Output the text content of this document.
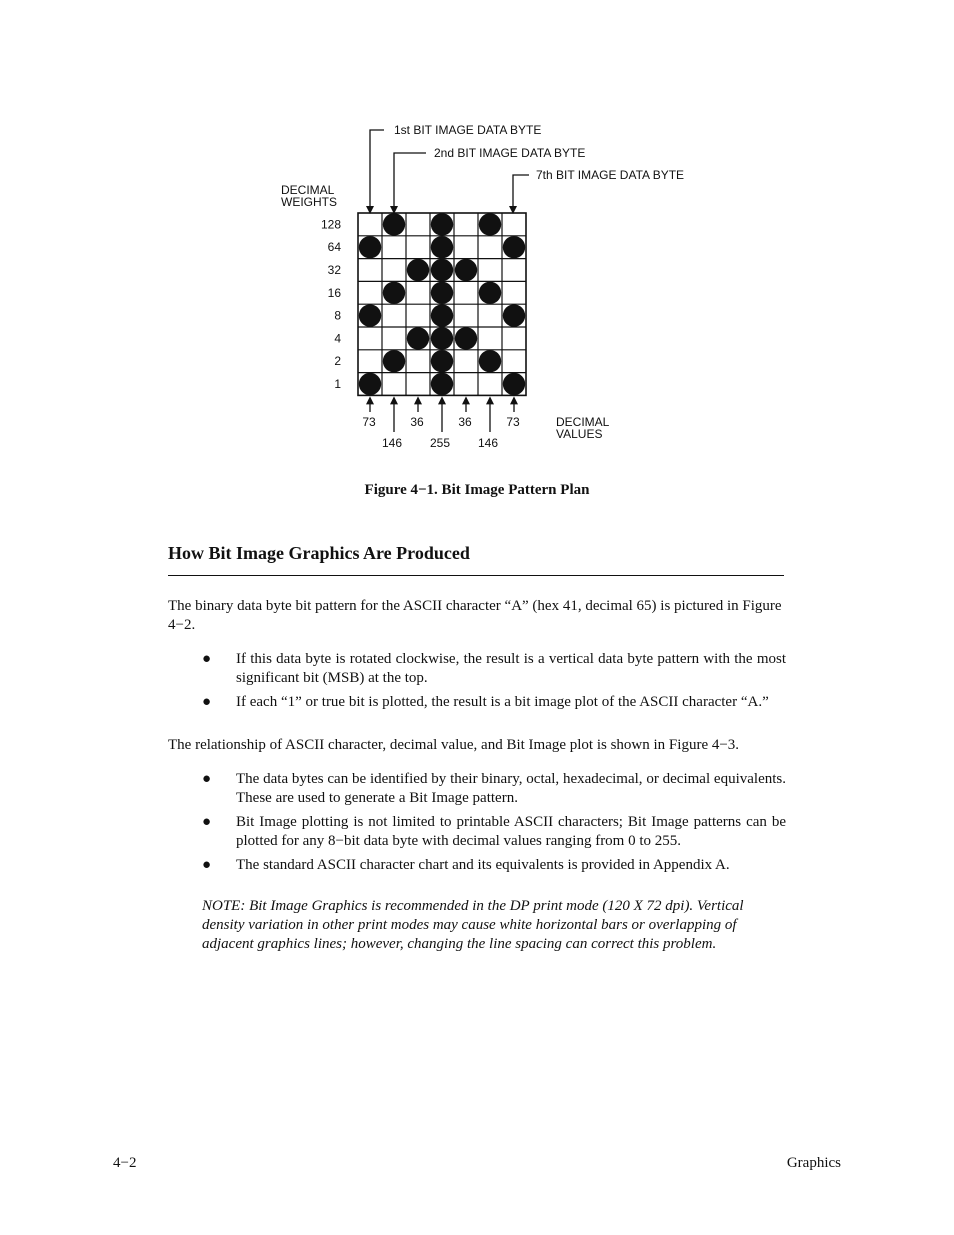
1st BIT IMAGE DATA BYTE
2nd BIT IMAGE DATA BYTE
7th BIT IMAGE DATA BYTE
DECIMAL
WEIGHTS
128
64
32
16
8
4
2
1
73
146
36
255
36
146
73	DECIMAL
VALUES
Figure 4−1. Bit Image Pattern Plan
How Bit Image Graphics Are Produced
The binary data byte bit pattern for the ASCII character “A” (hex 41, decimal 65) is pictured in Figure 4−2.
● If this data byte is rotated clockwise, the result is a vertical data byte pattern with the most significant bit (MSB) at the top.
● If each “1” or true bit is plotted, the result is a bit image plot of the ASCII character “A.”
The relationship of ASCII character, decimal value, and Bit Image plot is shown in Figure 4−3.
● The data bytes can be identified by their binary, octal, hexadecimal, or decimal equivalents. These are used to generate a Bit Image pattern.
● Bit Image plotting is not limited to printable ASCII characters; Bit Image patterns can be plotted for any 8−bit data byte with decimal values ranging from 0 to 255.
● The standard ASCII character chart and its equivalents is provided in Appendix A.
NOTE: Bit Image Graphics is recommended in the DP print mode (120 X 72 dpi). Vertical density variation in other print modes may cause white horizontal bars or overlapping of adjacent graphics lines; however, changing the line spacing can correct this problem.
4−2	Graphics
